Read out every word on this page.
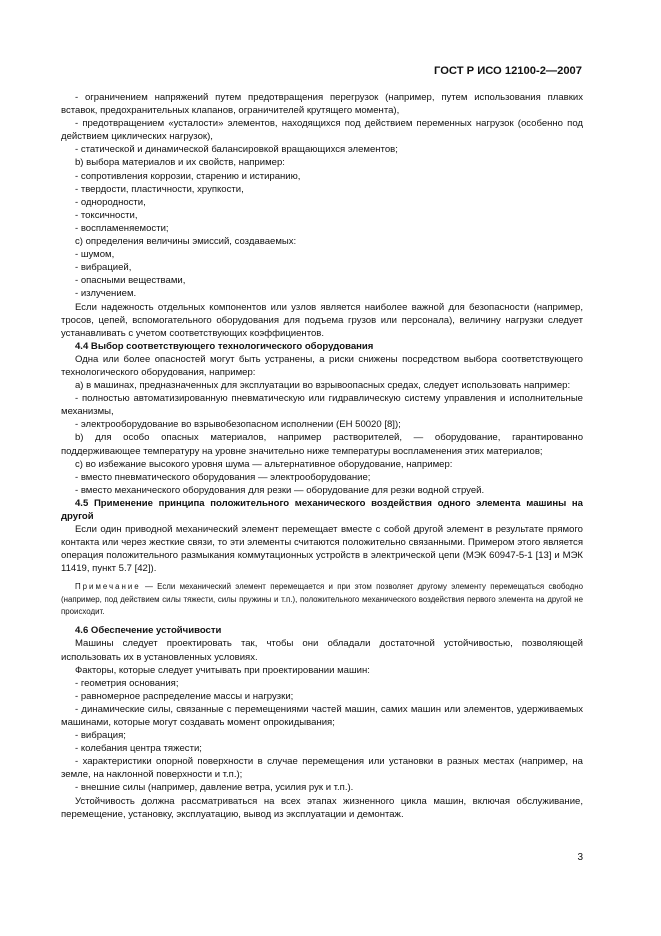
ГОСТ Р ИСО 12100-2—2007

- ограничением напряжений путем предотвращения перегрузок (например, путем использования плавких вставок, предохранительных клапанов, ограничителей крутящего момента),

- предотвращением «усталости» элементов, находящихся под действием переменных нагрузок (особенно под действием циклических нагрузок),

- статической и динамической балансировкой вращающихся элементов;

b) выбора материалов и их свойств, например:

- сопротивления коррозии, старению и истиранию,

- твердости, пластичности, хрупкости,

- однородности,

- токсичности,

- воспламеняемости;

c) определения величины эмиссий, создаваемых:

- шумом,

- вибрацией,

- опасными веществами,

- излучением.

Если надежность отдельных компонентов или узлов является наиболее важной для безопасности (например, тросов, цепей, вспомогательного оборудования для подъема грузов или персонала), величину нагрузки следует устанавливать с учетом соответствующих коэффициентов.

4.4 Выбор соответствующего технологического оборудования

Одна или более опасностей могут быть устранены, а риски снижены посредством выбора соответствующего технологического оборудования, например:

а) в машинах, предназначенных для эксплуатации во взрывоопасных средах, следует использовать например:

- полностью автоматизированную пневматическую или гидравлическую систему управления и исполнительные механизмы,

- электрооборудование во взрывобезопасном исполнении (ЕН 50020 [8]);

b) для особо опасных материалов, например растворителей, — оборудование, гарантированно поддерживающее температуру на уровне значительно ниже температуры воспламенения этих материалов;

c) во избежание высокого уровня шума — альтернативное оборудование, например:

- вместо пневматического оборудования — электрооборудование;

- вместо механического оборудования для резки — оборудование для резки водной струей.

4.5 Применение принципа положительного механического воздействия одного элемента машины на другой

Если один приводной механический элемент перемещает вместе с собой другой элемент в результате прямого контакта или через жесткие связи, то эти элементы считаются положительно связанными. Примером этого является операция положительного размыкания коммутационных устройств в электрической цепи (МЭК 60947-5-1 [13] и МЭК 11419, пункт 5.7 [42]).

Примечание — Если механический элемент перемещается и при этом позволяет другому элементу перемещаться свободно (например, под действием силы тяжести, силы пружины и т.п.), положительного механического воздействия первого элемента на другой не происходит.

4.6 Обеспечение устойчивости

Машины следует проектировать так, чтобы они обладали достаточной устойчивостью, позволяющей использовать их в установленных условиях.

Факторы, которые следует учитывать при проектировании машин:

- геометрия основания;

- равномерное распределение массы и нагрузки;

- динамические силы, связанные с перемещениями частей машин, самих машин или элементов, удерживаемых машинами, которые могут создавать момент опрокидывания;

- вибрация;

- колебания центра тяжести;

- характеристики опорной поверхности в случае перемещения или установки в разных местах (например, на земле, на наклонной поверхности и т.п.);

- внешние силы (например, давление ветра, усилия рук и т.п.).

Устойчивость должна рассматриваться на всех этапах жизненного цикла машин, включая обслуживание, перемещение, установку, эксплуатацию, вывод из эксплуатации и демонтаж.

3
